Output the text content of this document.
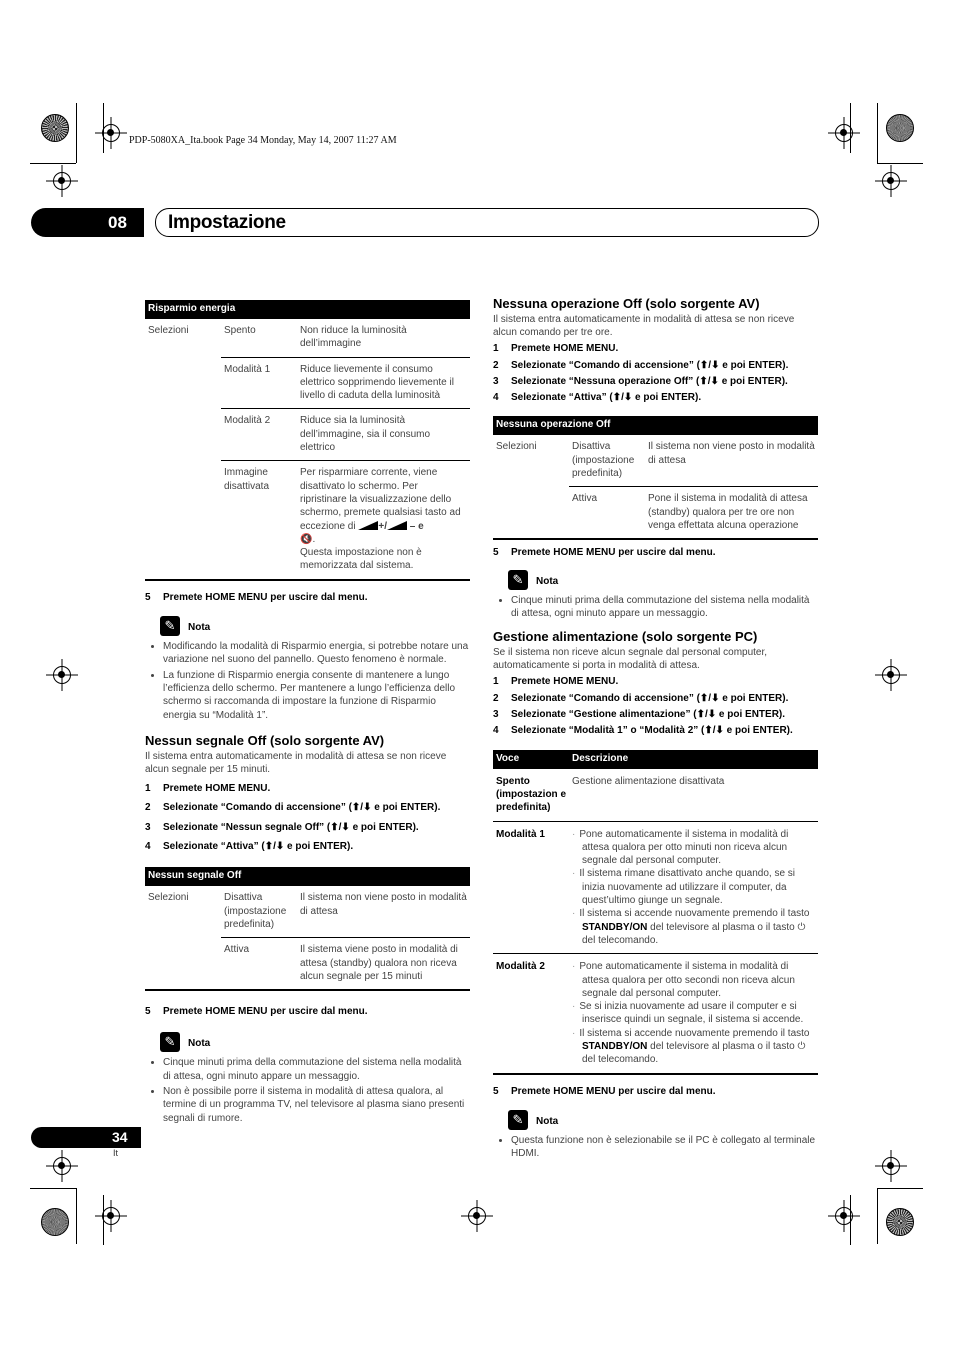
PDP-5080XA_Ita.book Page 34 Monday, May 14, 2007 11:27 AM
08 Impostazione
Risparmio energia
Selezioni	Spento	Non riduce la luminosità dell’immagine
	Modalità 1	Riduce lievemente il consumo elettrico sopprimendo lievemente il livello di caduta della luminosità
	Modalità 2	Riduce sia la luminosità dell’immagine, sia il consumo elettrico
	Immagine disattivata	Per risparmiare corrente, viene disattivato lo schermo. Per ripristinare la visualizzazione dello schermo, premete qualsiasi tasto ad eccezione di +/ – e
🔇.
Questa impostazione non è memorizzata dal sistema.
5 Premete HOME MENU per uscire dal menu.
✎	Nota
• Modificando la modalità di Risparmio energia, si potrebbe notare una variazione nel suono del pannello. Questo fenomeno è normale.
• La funzione di Risparmio energia consente di mantenere a lungo l’efficienza dello schermo. Per mantenere a lungo l’efficienza dello schermo si raccomanda di impostare la funzione di Risparmio energia su “Modalità 1”.
Nessun segnale Off (solo sorgente AV)
Il sistema entra automaticamente in modalità di attesa se non riceve alcun segnale per 15 minuti.
1 Premete HOME MENU.
2 Selezionate “Comando di accensione” (⬆/⬇ e poi ENTER).
3 Selezionate “Nessun segnale Off” (⬆/⬇ e poi ENTER).
4 Selezionate “Attiva” (⬆/⬇ e poi ENTER).
Nessun segnale Off
Selezioni	Disattiva (impostazione predefinita)	Il sistema non viene posto in modalità di attesa
	Attiva	Il sistema viene posto in modalità di attesa (standby) qualora non riceva alcun segnale per 15 minuti
5 Premete HOME MENU per uscire dal menu.
✎	Nota
• Cinque minuti prima della commutazione del sistema nella modalità di attesa, ogni minuto appare un messaggio.
• Non è possibile porre il sistema in modalità di attesa qualora, al termine di un programma TV, nel televisore al plasma siano presenti segnali di rumore.
Nessuna operazione Off (solo sorgente AV)
Il sistema entra automaticamente in modalità di attesa se non riceve alcun comando per tre ore.
1 Premete HOME MENU.
2 Selezionate “Comando di accensione” (⬆/⬇ e poi ENTER).
3 Selezionate “Nessuna operazione Off” (⬆/⬇ e poi ENTER).
4 Selezionate “Attiva” (⬆/⬇ e poi ENTER).
Nessuna operazione Off
Selezioni	Disattiva (impostazione predefinita)	Il sistema non viene posto in modalità di attesa
	Attiva	Pone il sistema in modalità di attesa (standby) qualora per tre ore non venga effettata alcuna operazione
5 Premete HOME MENU per uscire dal menu.
✎	Nota
• Cinque minuti prima della commutazione del sistema nella modalità di attesa, ogni minuto appare un messaggio.
Gestione alimentazione (solo sorgente PC)
Se il sistema non riceve alcun segnale dal personal computer, automaticamente si porta in modalità di attesa.
1 Premete HOME MENU.
2 Selezionate “Comando di accensione” (⬆/⬇ e poi ENTER).
3 Selezionate “Gestione alimentazione” (⬆/⬇ e poi ENTER).
4 Selezionate “Modalità 1” o “Modalità 2” (⬆/⬇ e poi ENTER).
Voce	Descrizione
Spento (impostazion e predefinita)	Gestione alimentazione disattivata
Modalità 1	· Pone automaticamente il sistema in modalità di attesa qualora per otto minuti non riceva alcun segnale dal personal computer.
· Il sistema rimane disattivato anche quando, se si inizia nuovamente ad utilizzare il computer, da quest’ultimo giunge un segnale.
· Il sistema si accende nuovamente premendo il tasto STANDBY/ON del televisore al plasma o il tasto ⏻ del telecomando.

Modalità 2	· Pone automaticamente il sistema in modalità di attesa qualora per otto secondi non riceva alcun segnale dal personal computer.
· Se si inizia nuovamente ad usare il computer e si inserisce quindi un segnale, il sistema si accende.
· Il sistema si accende nuovamente premendo il tasto STANDBY/ON del televisore al plasma o il tasto ⏻ del telecomando.
5 Premete HOME MENU per uscire dal menu.
✎	Nota
• Questa funzione non è selezionabile se il PC è collegato al terminale HDMI.
34
It
